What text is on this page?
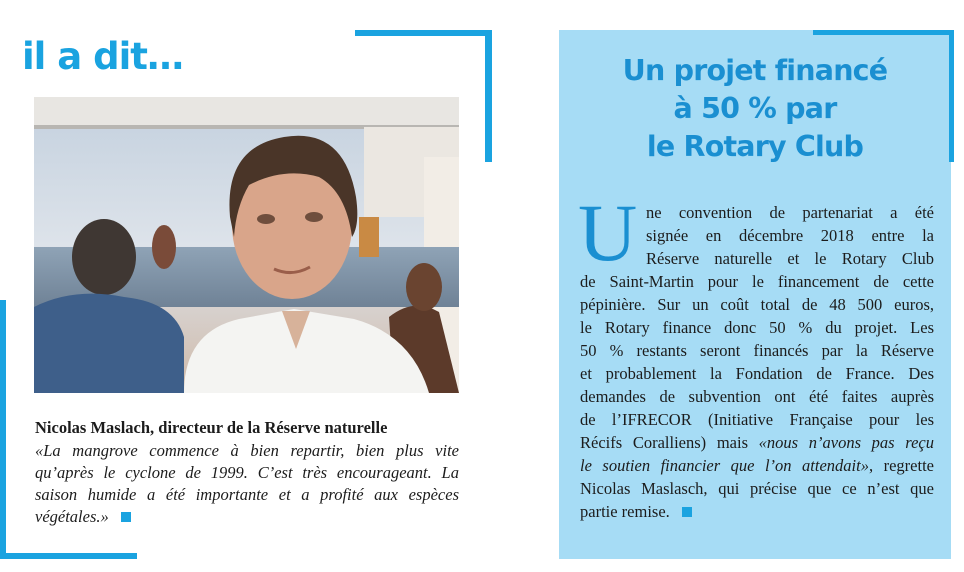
il a dit…
Nicolas Maslach, directeur de la Réserve naturelle
«La mangrove commence à bien repartir, bien plus vite
qu’après le cyclone de 1999. C’est très encourageant. La
saison humide a été importante et a profité aux espèces
végétales.»
Un projet financé
à 50 % par
le Rotary Club
U ne convention de partenariat a été
signée en décembre 2018 entre la
Réserve naturelle et le Rotary Club
de Saint-Martin pour le financement de cette
pépinière. Sur un coût total de 48 500 euros,
le Rotary finance donc 50 % du projet. Les
50 % restants seront financés par la Réserve
et probablement la Fondation de France. Des
demandes de subvention ont été faites auprès
de l’IFRECOR (Initiative Française pour les
Récifs Coralliens) mais «nous n’avons pas reçu
le soutien financier que l’on attendait», regrette
Nicolas Maslasch, qui précise que ce n’est que
partie remise.
